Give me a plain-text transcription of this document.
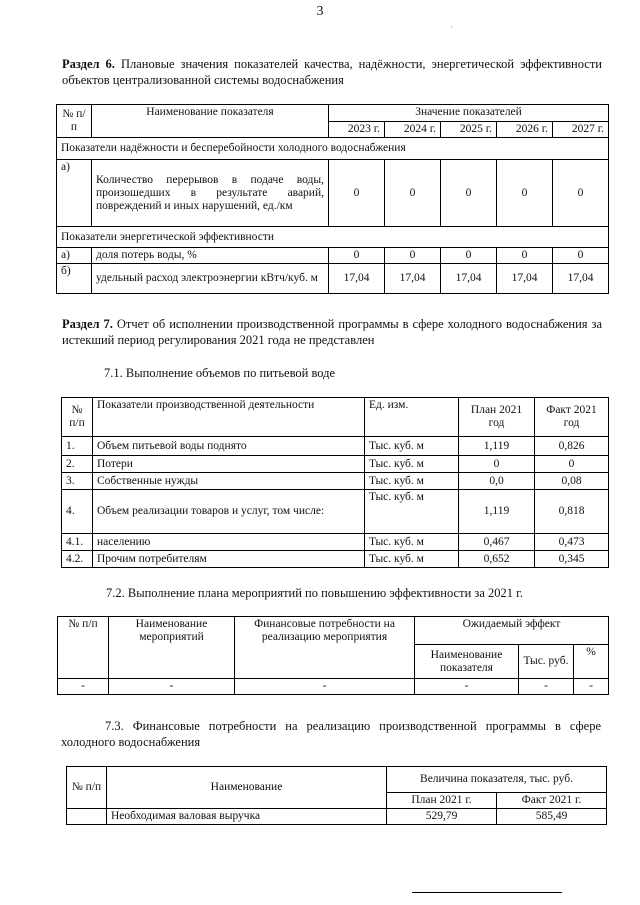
3
·
Раздел 6. Плановые значения показателей качества, надёжности, энергетической эффективности объектов централизованной системы водоснабжения
№ п/п	Наименование показателя	Значение показателей				
		2023 г.	2024 г.	2025 г.	2026 г.	2027 г.
Показатели надёжности и бесперебойности холодного водоснабжения						
а)	Количество перерывов в подаче воды, произошедших в результате аварий, повреждений и иных нарушений, ед./км	0	0	0	0	0
Показатели энергетической эффективности						
а)	доля потерь воды, %	0	0	0	0	0
б)	удельный расход электроэнергии кВтч/куб. м	17,04	17,04	17,04	17,04	17,04
Раздел 7. Отчет об исполнении производственной программы в сфере холодного водоснабжения за истекший период регулирования 2021 года не представлен
7.1. Выполнение объемов по питьевой воде
№ п/п	Показатели производственной деятельности	Ед. изм.	План 2021 год	Факт 2021 год
1.	Объем питьевой воды поднято	Тыс. куб. м	1,119	0,826
2.	Потери	Тыс. куб. м	0	0
3.	Собственные нужды	Тыс. куб. м	0,0	0,08
4.	Объем реализации товаров и услуг, том числе:	Тыс. куб. м	1,119	0,818
4.1.	населению	Тыс. куб. м	0,467	0,473
4.2.	Прочим потребителям	Тыс. куб. м	0,652	0,345
7.2. Выполнение плана мероприятий по повышению эффективности за 2021 г.
№ п/п	Наименование мероприятий	Финансовые потребности на реализацию мероприятия	Ожидаемый эффект		
			Наименование показателя	Тыс. руб.	%
-	-	-	-	-	-
7.3. Финансовые потребности на реализацию производственной программы в сфере холодного водоснабжения
№ п/п	Наименование	Величина показателя, тыс. руб.	
		План 2021 г.	Факт 2021 г.
	Необходимая валовая выручка	529,79	585,49
